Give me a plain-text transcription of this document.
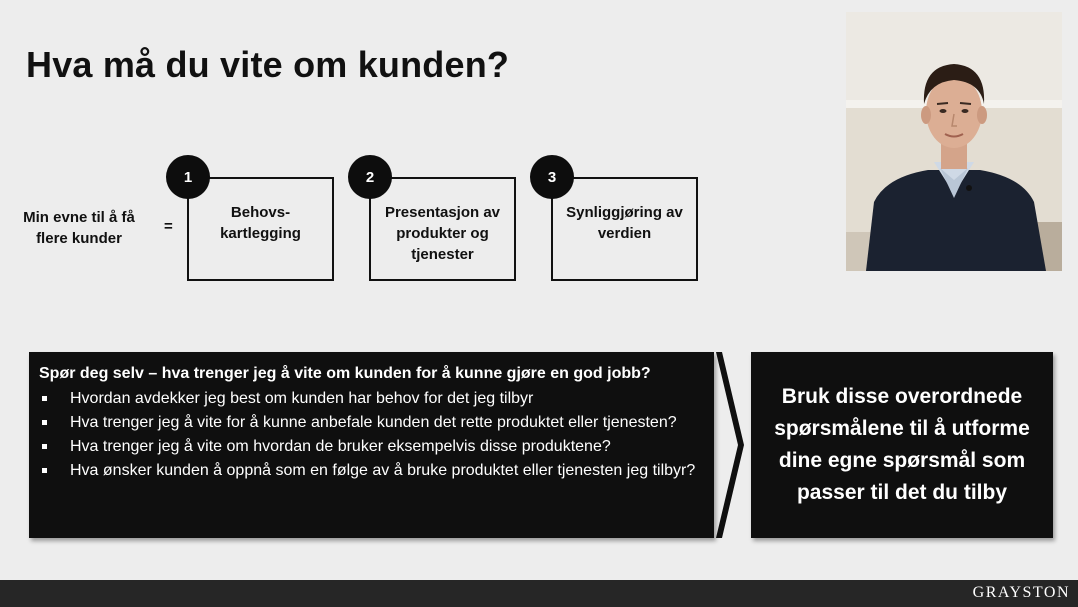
Hva må du vite om kunden?
Min evne til å få flere kunder
=
Behovs-
kartlegging
1
Presentasjon av produkter og tjenester
2
Synliggjøring av verdien
3
Spør deg selv – hva trenger jeg å vite om kunden for å kunne gjøre en god jobb?
Hvordan avdekker jeg best om kunden har behov for det jeg tilbyr
Hva trenger jeg å vite for å kunne anbefale kunden det rette produktet eller tjenesten?
Hva trenger jeg å vite om hvordan de bruker eksempelvis disse produktene?
Hva ønsker kunden å oppnå som en følge av å bruke produktet eller tjenesten jeg tilbyr?
Bruk disse overordnede spørsmålene til å utforme dine egne spørsmål som passer til det du tilby
GRAYSTON
